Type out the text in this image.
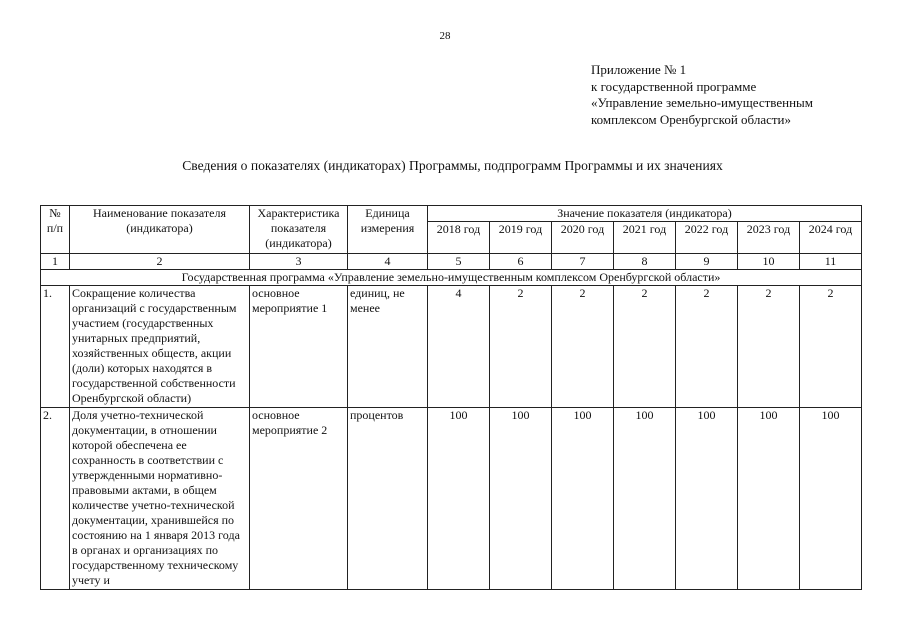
28
Приложение № 1
к государственной программе
«Управление земельно-имущественным
комплексом Оренбургской области»
Сведения о показателях (индикаторах) Программы, подпрограмм Программы и их значениях
№ п/п	Наименование показателя (индикатора)	Характеристика показателя (индикатора)	Единица измерения	Значение показателя (индикатора)						
				2018 год	2019 год	2020 год	2021 год	2022 год	2023 год	2024 год
1	2	3	4	5	6	7	8	9	10	11
Государственная программа «Управление земельно-имущественным комплексом Оренбургской области»										
1.	Сокращение количества организаций с государственным участием (государственных унитарных предприятий, хозяйственных обществ, акции (доли) которых находятся в государственной собственности Оренбургской области)	основное мероприятие 1	единиц, не менее	4	2	2	2	2	2	2
2.	Доля учетно-технической документации, в отношении которой обеспечена ее сохранность в соответствии с утвержденными нормативно-правовыми актами, в общем количестве учетно-технической документации, хранившейся по состоянию на 1 января 2013 года в органах и организациях по государственному техническому учету и	основное мероприятие 2	процентов	100	100	100	100	100	100	100
